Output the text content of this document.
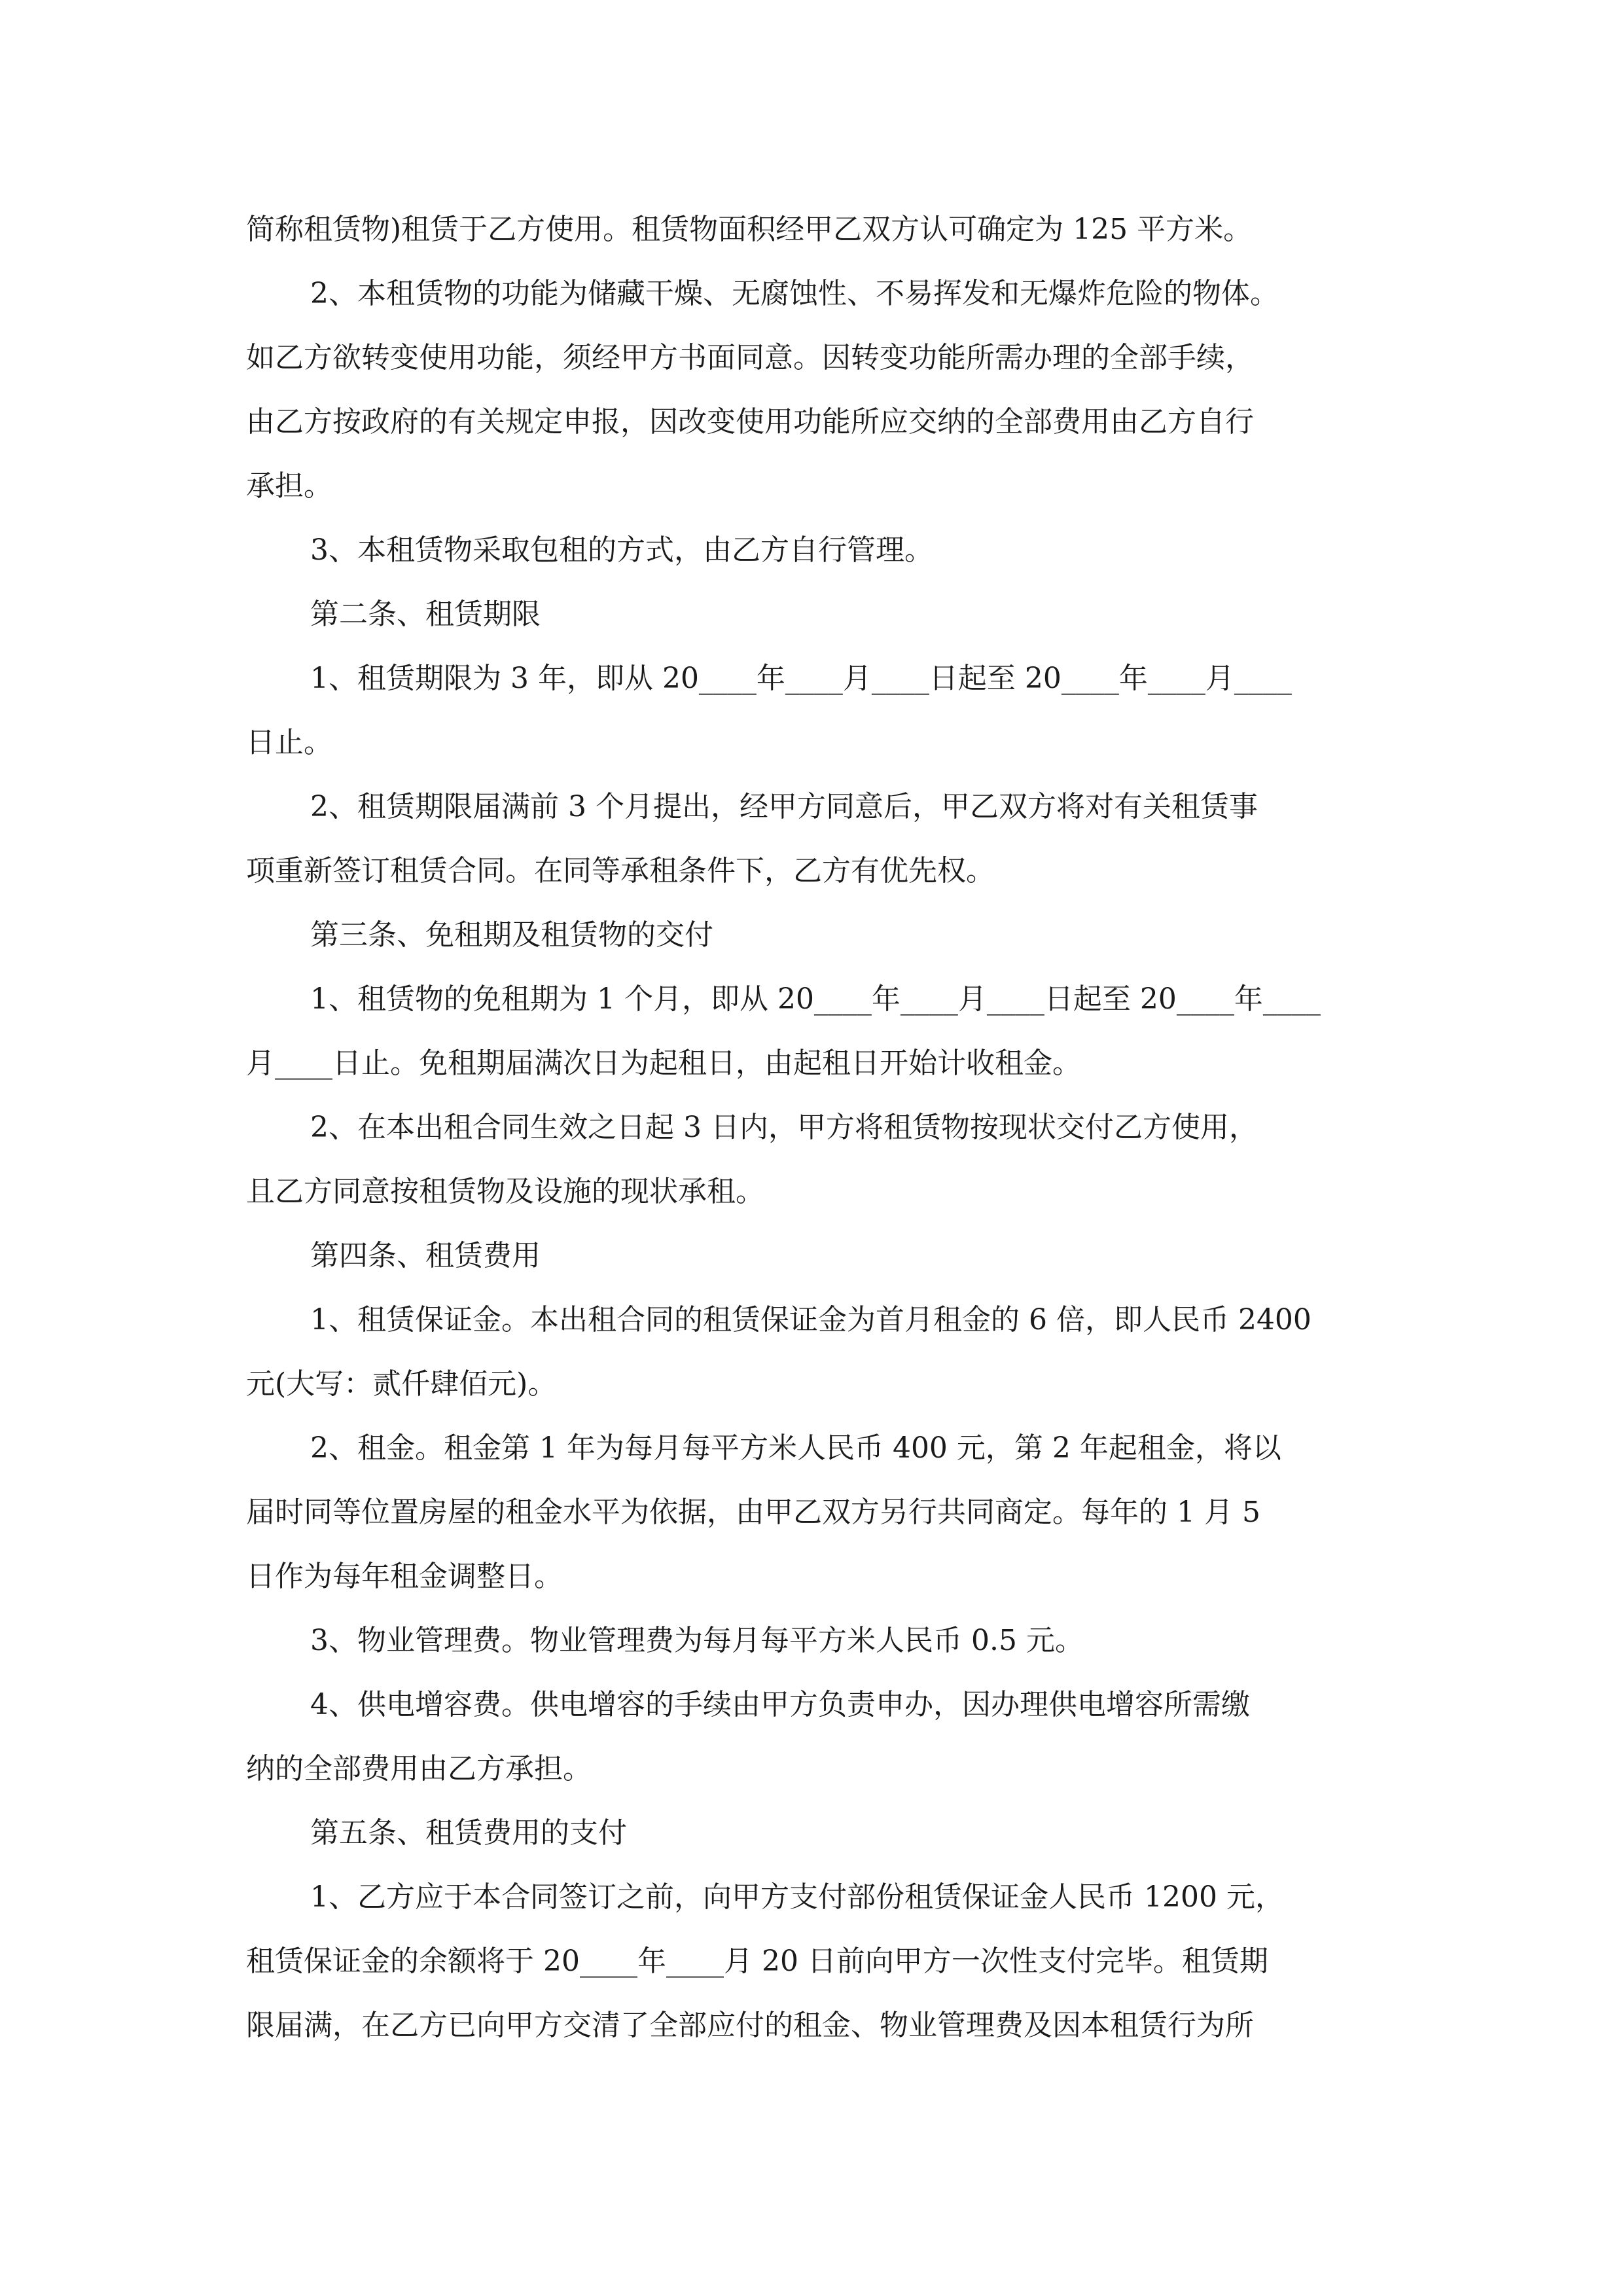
简称租赁物)租赁于乙方使用。租赁物面积经甲乙双方认可确定为 125 平方米。
2、本租赁物的功能为储藏干燥、无腐蚀性、不易挥发和无爆炸危险的物体。
如乙方欲转变使用功能，须经甲方书面同意。因转变功能所需办理的全部手续，
由乙方按政府的有关规定申报，因改变使用功能所应交纳的全部费用由乙方自行
承担。
3、本租赁物采取包租的方式，由乙方自行管理。
第二条、租赁期限
1、租赁期限为 3 年，即从 20____年____月____日起至 20____年____月____
日止。
2、租赁期限届满前 3 个月提出，经甲方同意后，甲乙双方将对有关租赁事
项重新签订租赁合同。在同等承租条件下，乙方有优先权。
第三条、免租期及租赁物的交付
1、租赁物的免租期为 1 个月，即从 20____年____月____日起至 20____年____
月____日止。免租期届满次日为起租日，由起租日开始计收租金。
2、在本出租合同生效之日起 3 日内，甲方将租赁物按现状交付乙方使用，
且乙方同意按租赁物及设施的现状承租。
第四条、租赁费用
1、租赁保证金。本出租合同的租赁保证金为首月租金的 6 倍，即人民币 2400
元(大写：贰仟肆佰元)。
2、租金。租金第 1 年为每月每平方米人民币 400 元，第 2 年起租金，将以
届时同等位置房屋的租金水平为依据，由甲乙双方另行共同商定。每年的 1 月 5
日作为每年租金调整日。
3、物业管理费。物业管理费为每月每平方米人民币 0.5 元。
4、供电增容费。供电增容的手续由甲方负责申办，因办理供电增容所需缴
纳的全部费用由乙方承担。
第五条、租赁费用的支付
1、乙方应于本合同签订之前，向甲方支付部份租赁保证金人民币 1200 元，
租赁保证金的余额将于 20____年____月 20 日前向甲方一次性支付完毕。租赁期
限届满，在乙方已向甲方交清了全部应付的租金、物业管理费及因本租赁行为所
